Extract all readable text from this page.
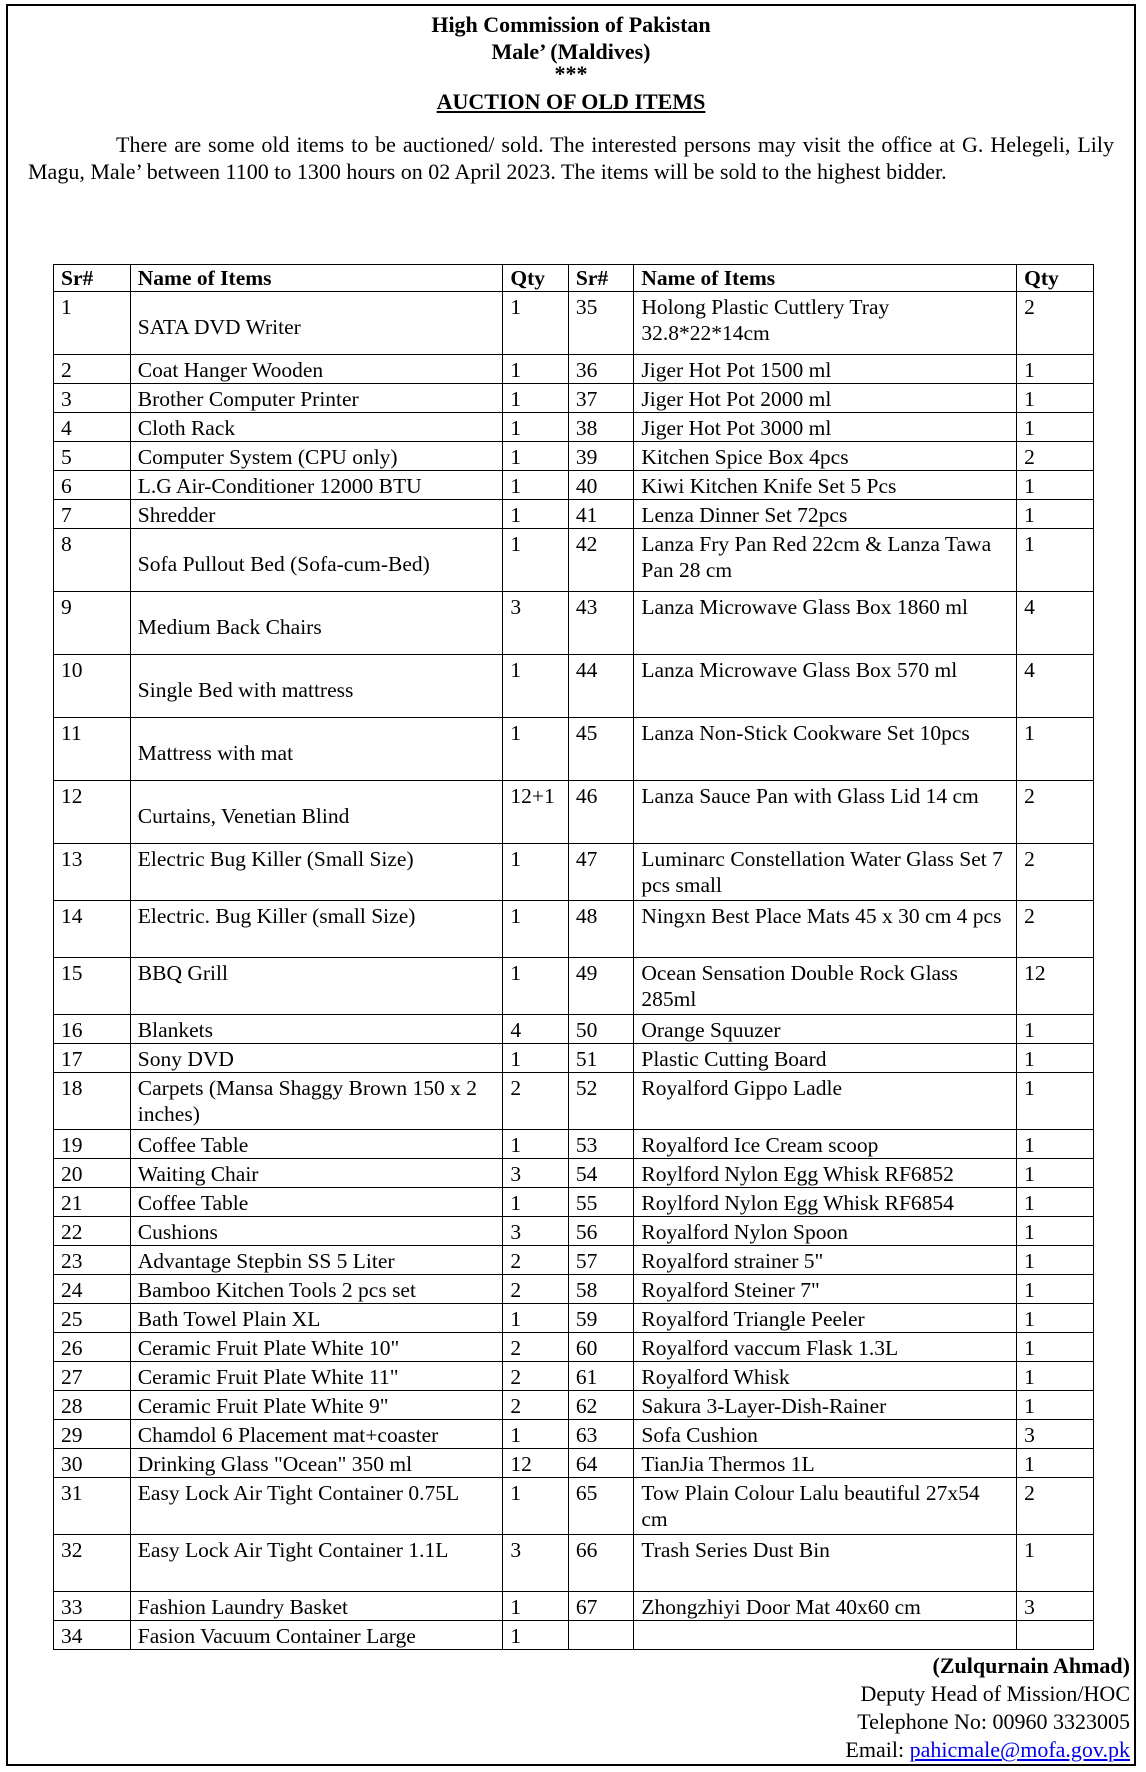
High Commission of Pakistan
Male’ (Maldives)
***
AUCTION OF OLD ITEMS
There are some old items to be auctioned/ sold. The interested persons may visit the office at G. Helegeli, Lily Magu, Male’ between 1100 to 1300 hours on 02 April 2023. The items will be sold to the highest bidder.
Sr#	Name of Items	Qty	Sr#	Name of Items	Qty
1	SATA DVD Writer	1	35	Holong Plastic Cuttlery Tray 32.8*22*14cm	2
2	Coat Hanger Wooden	1	36	Jiger Hot Pot 1500 ml	1
3	Brother Computer Printer	1	37	Jiger Hot Pot 2000 ml	1
4	Cloth Rack	1	38	Jiger Hot Pot 3000 ml	1
5	Computer System (CPU only)	1	39	Kitchen Spice Box 4pcs	2
6	L.G Air-Conditioner 12000 BTU	1	40	Kiwi Kitchen Knife Set 5 Pcs	1
7	Shredder	1	41	Lenza Dinner Set 72pcs	1
8	Sofa Pullout Bed (Sofa-cum-Bed)	1	42	Lanza Fry Pan Red 22cm & Lanza Tawa Pan 28 cm	1
9	Medium Back Chairs	3	43	Lanza Microwave Glass Box 1860 ml	4
10	Single Bed with mattress	1	44	Lanza Microwave Glass Box 570 ml	4
11	Mattress with mat	1	45	Lanza Non-Stick Cookware Set 10pcs	1
12	Curtains, Venetian Blind	12+1	46	Lanza Sauce Pan with Glass Lid 14 cm	2
13	Electric Bug Killer (Small Size)	1	47	Luminarc Constellation Water Glass Set 7 pcs small	2
14	Electric. Bug Killer (small Size)	1	48	Ningxn Best Place Mats 45 x 30 cm 4 pcs	2
15	BBQ Grill	1	49	Ocean Sensation Double Rock Glass 285ml	12
16	Blankets	4	50	Orange Squuzer	1
17	Sony DVD	1	51	Plastic Cutting Board	1
18	Carpets (Mansa Shaggy Brown 150 x 2 inches)	2	52	Royalford Gippo Ladle	1
19	Coffee Table	1	53	Royalford Ice Cream scoop	1
20	Waiting Chair	3	54	Roylford Nylon Egg Whisk RF6852	1
21	Coffee Table	1	55	Roylford Nylon Egg Whisk RF6854	1
22	Cushions	3	56	Royalford Nylon Spoon	1
23	Advantage Stepbin SS 5 Liter	2	57	Royalford strainer 5"	1
24	Bamboo Kitchen Tools 2 pcs set	2	58	Royalford Steiner 7"	1
25	Bath Towel Plain XL	1	59	Royalford Triangle Peeler	1
26	Ceramic Fruit Plate White 10"	2	60	Royalford vaccum Flask 1.3L	1
27	Ceramic Fruit Plate White 11"	2	61	Royalford Whisk	1
28	Ceramic Fruit Plate White 9"	2	62	Sakura 3-Layer-Dish-Rainer	1
29	Chamdol 6 Placement mat+coaster	1	63	Sofa Cushion	3
30	Drinking Glass "Ocean" 350 ml	12	64	TianJia Thermos 1L	1
31	Easy Lock Air Tight Container 0.75L	1	65	Tow Plain Colour Lalu beautiful 27x54 cm	2
32	Easy Lock Air Tight Container 1.1L	3	66	Trash Series Dust Bin	1
33	Fashion Laundry Basket	1	67	Zhongzhiyi Door Mat 40x60 cm	3
34	Fasion Vacuum Container Large	1			
(Zulqurnain Ahmad)
Deputy Head of Mission/HOC
Telephone No: 00960 3323005
Email: pahicmale@mofa.gov.pk
